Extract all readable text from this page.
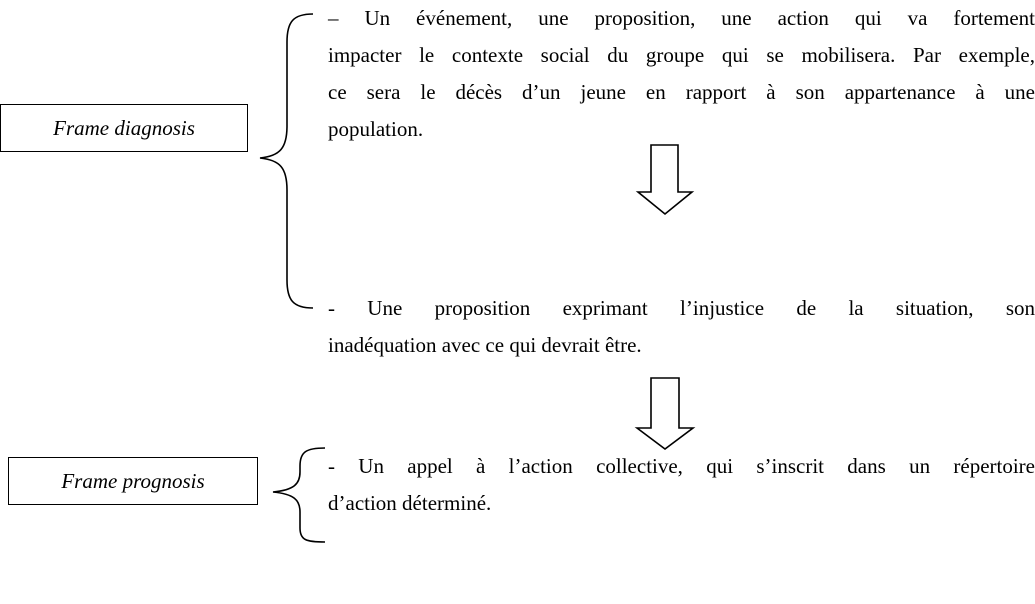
Frame diagnosis
Frame prognosis
– Un événement, une proposition, une action qui va fortement
impacter le contexte social du groupe qui se mobilisera. Par exemple,
ce sera le décès d’un jeune en rapport à son appartenance à une
population.
- Une proposition exprimant l’injustice de la situation, son
inadéquation avec ce qui devrait être.
- Un appel à l’action collective, qui s’inscrit dans un répertoire
d’action déterminé.
